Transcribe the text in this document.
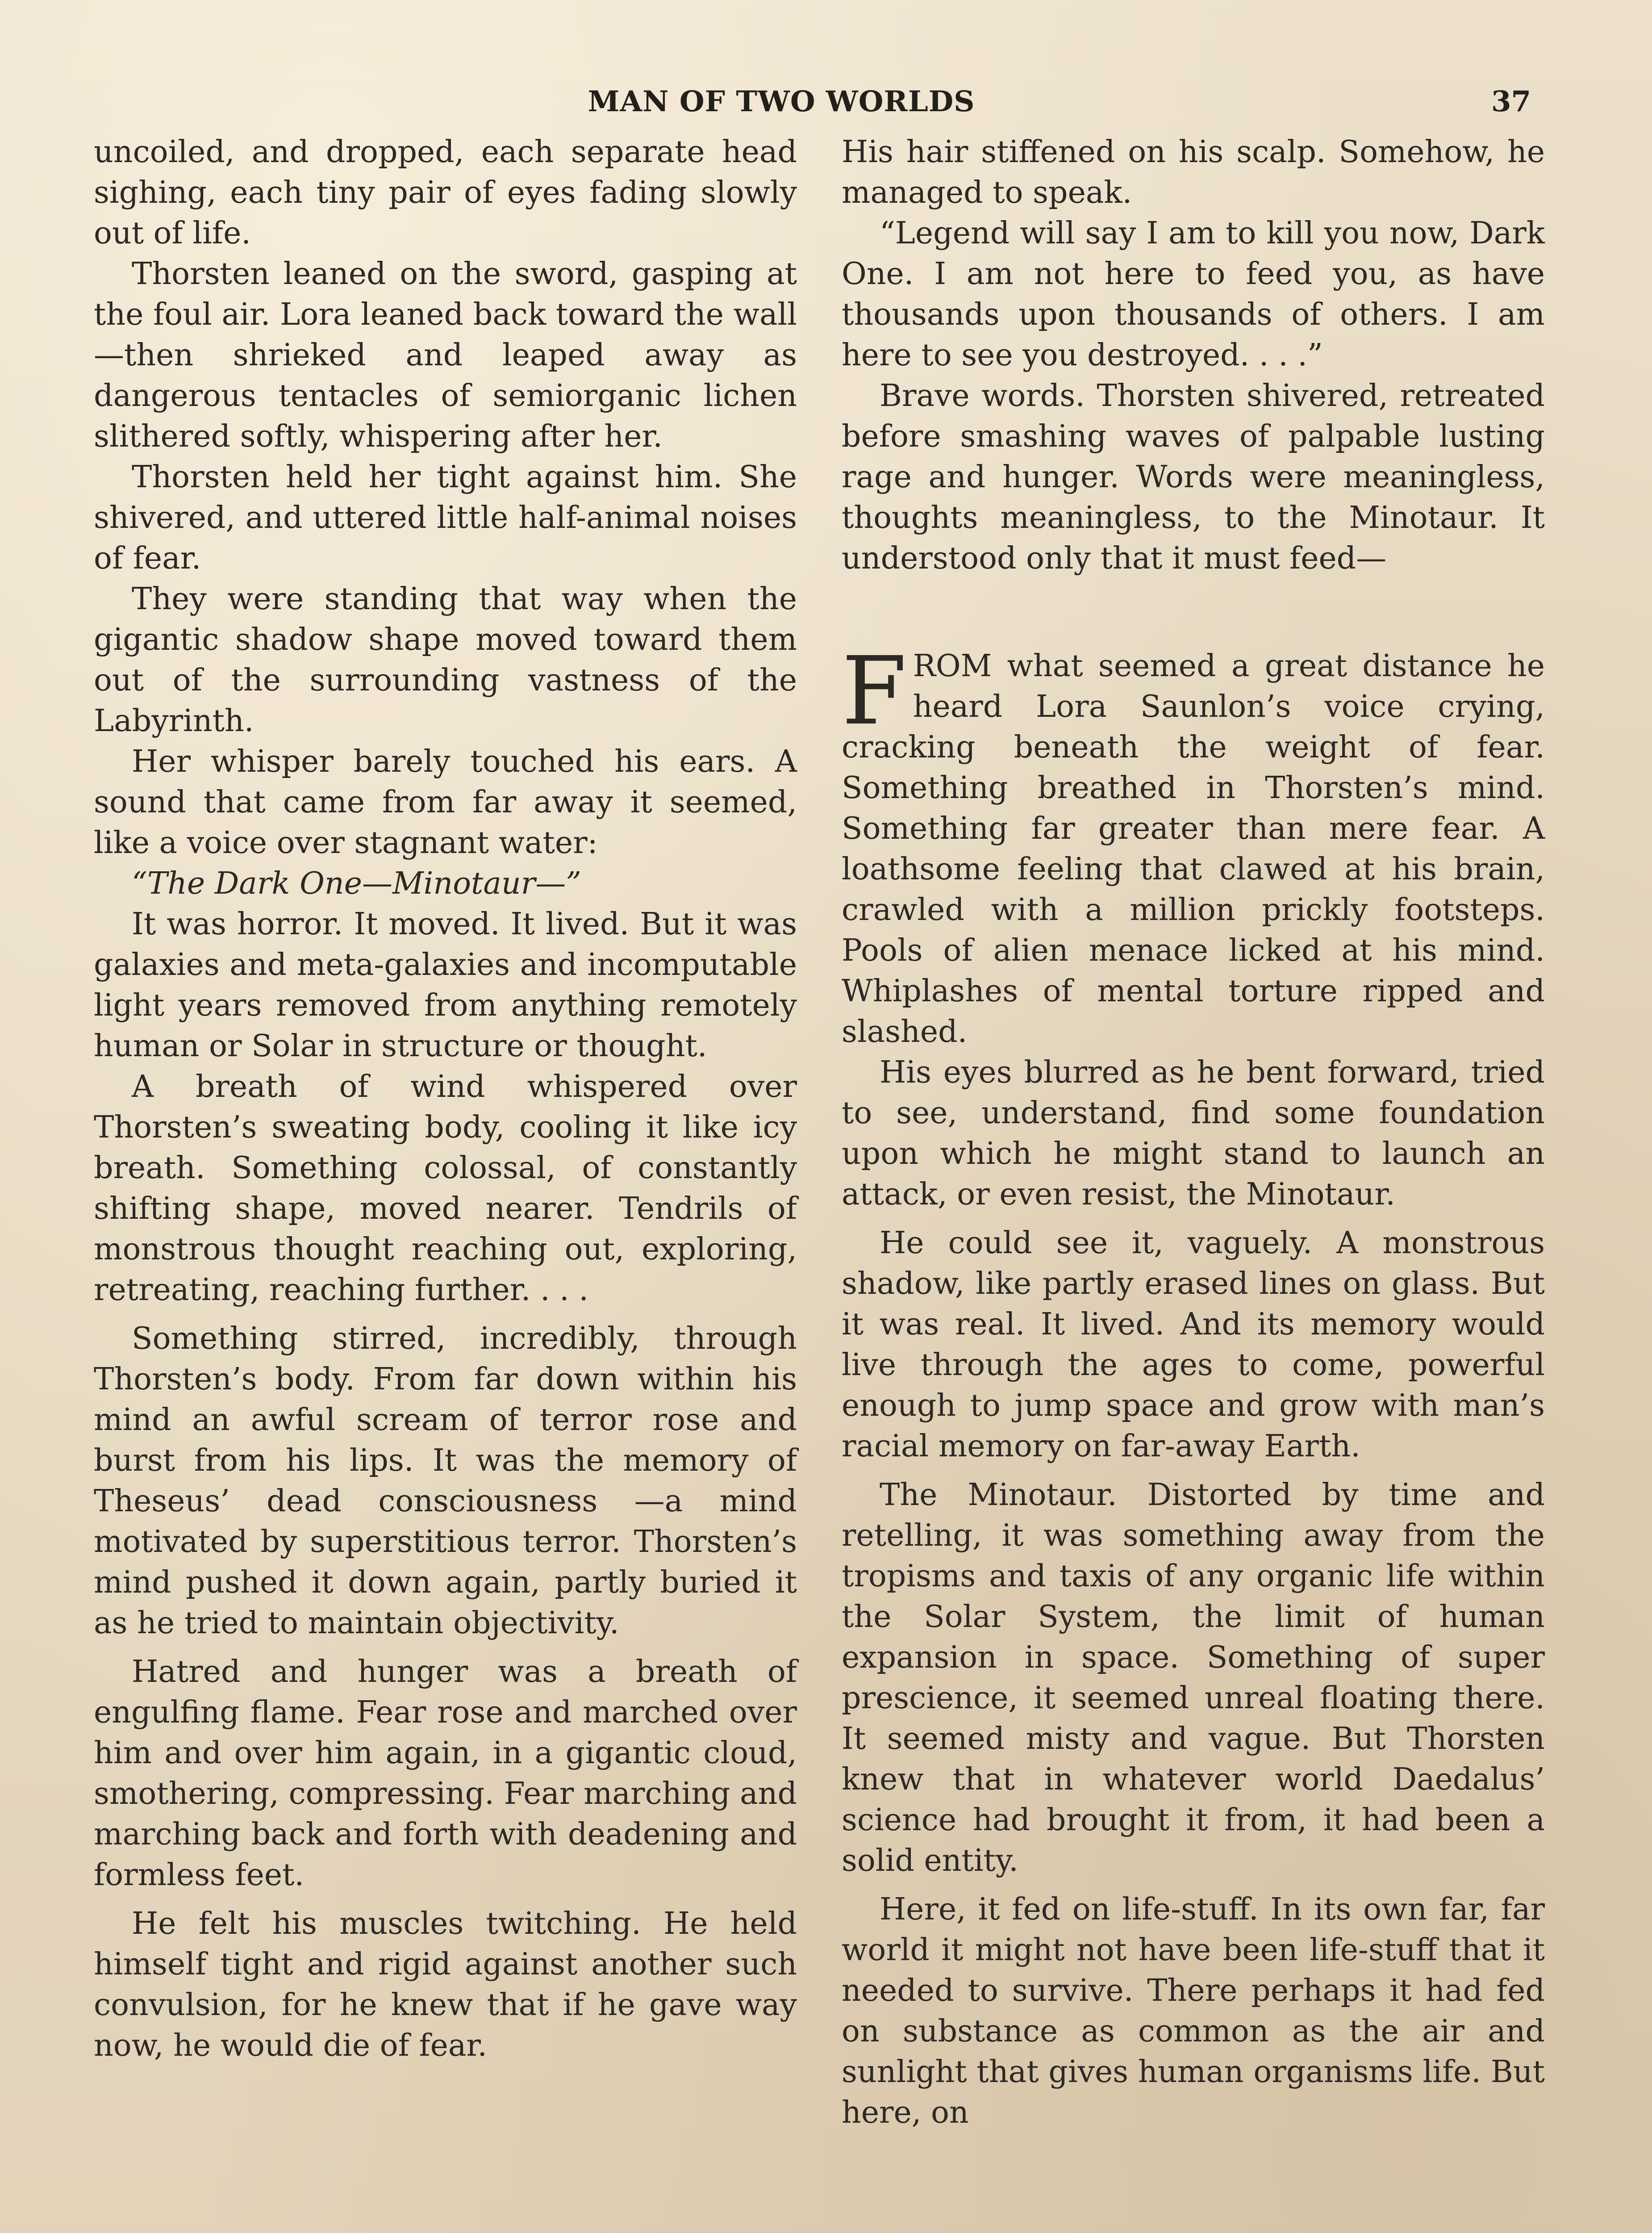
MAN OF TWO WORLDS	37

uncoiled, and dropped, each separate head sighing, each tiny pair of eyes fading slowly out of life.

Thorsten leaned on the sword, gasping at the foul air. Lora leaned back toward the wall—then shrieked and leaped away as dangerous tentacles of semiorganic lichen slithered softly, whispering after her.

Thorsten held her tight against him. She shivered, and uttered little half-animal noises of fear.

They were standing that way when the gigantic shadow shape moved toward them out of the surrounding vastness of the Labyrinth.

Her whisper barely touched his ears. A sound that came from far away it seemed, like a voice over stagnant water:

“The Dark One—Minotaur—”

It was horror. It moved. It lived. But it was galaxies and meta-galaxies and incomputable light years removed from anything remotely human or Solar in structure or thought.

A breath of wind whispered over Thorsten’s sweating body, cooling it like icy breath. Something colossal, of constantly shifting shape, moved nearer. Tendrils of monstrous thought reaching out, exploring, retreating, reaching further. . . .

Something stirred, incredibly, through Thorsten’s body. From far down within his mind an awful scream of terror rose and burst from his lips. It was the memory of Theseus’ dead consciousness —a mind motivated by superstitious terror. Thorsten’s mind pushed it down again, partly buried it as he tried to maintain objectivity.

Hatred and hunger was a breath of engulfing flame. Fear rose and marched over him and over him again, in a gigantic cloud, smothering, compressing. Fear marching and marching back and forth with deadening and formless feet.

He felt his muscles twitching. He held himself tight and rigid against another such convulsion, for he knew that if he gave way now, he would die of fear.

His hair stiffened on his scalp. Somehow, he managed to speak.

“Legend will say I am to kill you now, Dark One. I am not here to feed you, as have thousands upon thousands of others. I am here to see you destroyed. . . .”

Brave words. Thorsten shivered, retreated before smashing waves of palpable lusting rage and hunger. Words were meaningless, thoughts meaningless, to the Minotaur. It understood only that it must feed—

FROM what seemed a great distance he heard Lora Saunlon’s voice crying, cracking beneath the weight of fear. Something breathed in Thorsten’s mind. Something far greater than mere fear. A loathsome feeling that clawed at his brain, crawled with a million prickly footsteps. Pools of alien menace licked at his mind. Whiplashes of mental torture ripped and slashed.

His eyes blurred as he bent forward, tried to see, understand, find some foundation upon which he might stand to launch an attack, or even resist, the Minotaur.

He could see it, vaguely. A monstrous shadow, like partly erased lines on glass. But it was real. It lived. And its memory would live through the ages to come, powerful enough to jump space and grow with man’s racial memory on far-away Earth.

The Minotaur. Distorted by time and retelling, it was something away from the tropisms and taxis of any organic life within the Solar System, the limit of human expansion in space. Something of super prescience, it seemed unreal floating there. It seemed misty and vague. But Thorsten knew that in whatever world Daedalus’ science had brought it from, it had been a solid entity.

Here, it fed on life-stuff. In its own far, far world it might not have been life-stuff that it needed to survive. There perhaps it had fed on substance as common as the air and sunlight that gives human organisms life. But here, on
